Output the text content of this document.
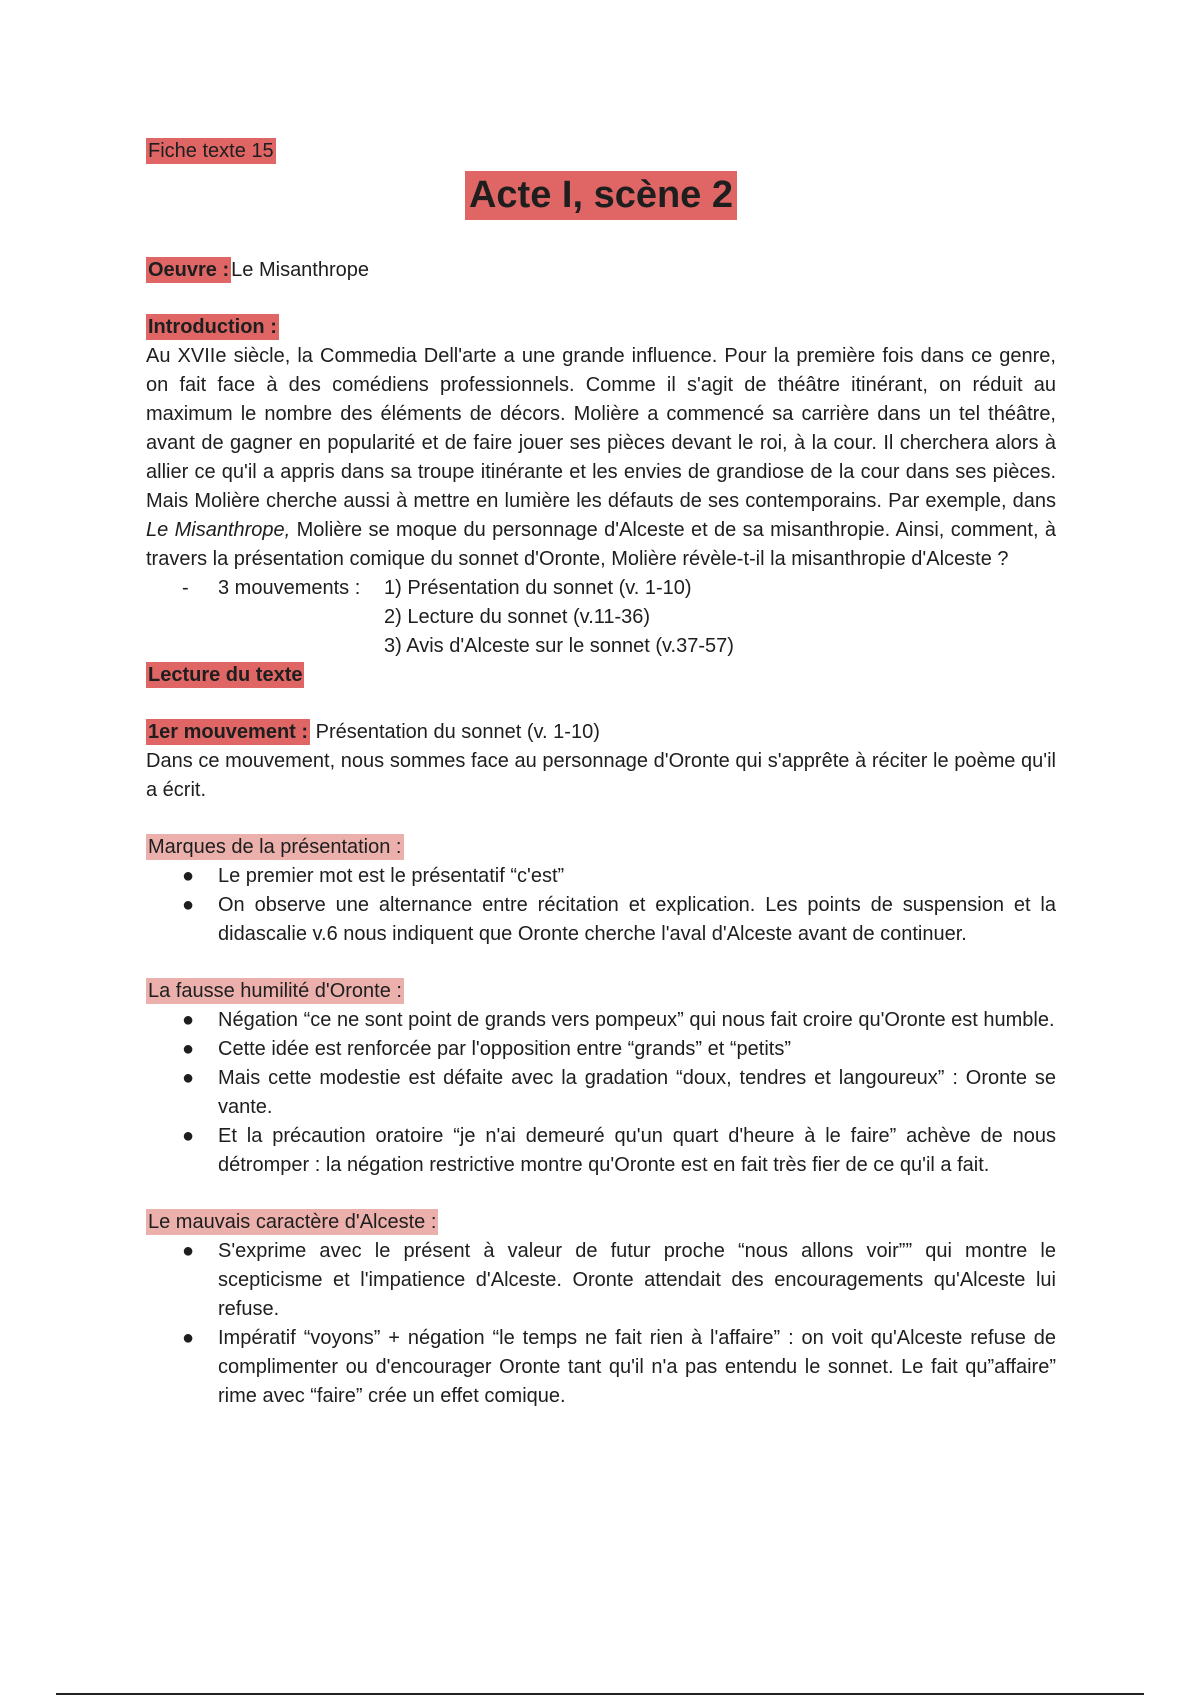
Fiche texte 15
Acte I, scène 2
Oeuvre : Le Misanthrope
Introduction :
Au XVIIe siècle, la Commedia Dell'arte a une grande influence. Pour la première fois dans ce genre, on fait face à des comédiens professionnels. Comme il s'agit de théâtre itinérant, on réduit au maximum le nombre des éléments de décors. Molière a commencé sa carrière dans un tel théâtre, avant de gagner en popularité et de faire jouer ses pièces devant le roi, à la cour. Il cherchera alors à allier ce qu'il a appris dans sa troupe itinérante et les envies de grandiose de la cour dans ses pièces. Mais Molière cherche aussi à mettre en lumière les défauts de ses contemporains. Par exemple, dans Le Misanthrope, Molière se moque du personnage d'Alceste et de sa misanthropie. Ainsi, comment, à travers la présentation comique du sonnet d'Oronte, Molière révèle-t-il la misanthropie d'Alceste ?
- 3 mouvements :	1) Présentation du sonnet (v. 1-10)
2) Lecture du sonnet (v.11-36)
3) Avis d'Alceste sur le sonnet (v.37-57)
Lecture du texte
1er mouvement : Présentation du sonnet (v. 1-10)
Dans ce mouvement, nous sommes face au personnage d'Oronte qui s'apprête à réciter le poème qu'il a écrit.
Marques de la présentation :
● Le premier mot est le présentatif “c'est”
● On observe une alternance entre récitation et explication. Les points de suspension et la didascalie v.6 nous indiquent que Oronte cherche l'aval d'Alceste avant de continuer.
La fausse humilité d'Oronte :
● Négation “ce ne sont point de grands vers pompeux” qui nous fait croire qu'Oronte est humble.
● Cette idée est renforcée par l'opposition entre “grands” et “petits”
● Mais cette modestie est défaite avec la gradation “doux, tendres et langoureux” : Oronte se vante.
● Et la précaution oratoire “je n'ai demeuré qu'un quart d'heure à le faire” achève de nous détromper : la négation restrictive montre qu'Oronte est en fait très fier de ce qu'il a fait.
Le mauvais caractère d'Alceste :
● S'exprime avec le présent à valeur de futur proche “nous allons voir”” qui montre le scepticisme et l'impatience d'Alceste. Oronte attendait des encouragements qu'Alceste lui refuse.
● Impératif “voyons” + négation “le temps ne fait rien à l'affaire” : on voit qu'Alceste refuse de complimenter ou d'encourager Oronte tant qu'il n'a pas entendu le sonnet. Le fait qu”affaire” rime avec “faire” crée un effet comique.
